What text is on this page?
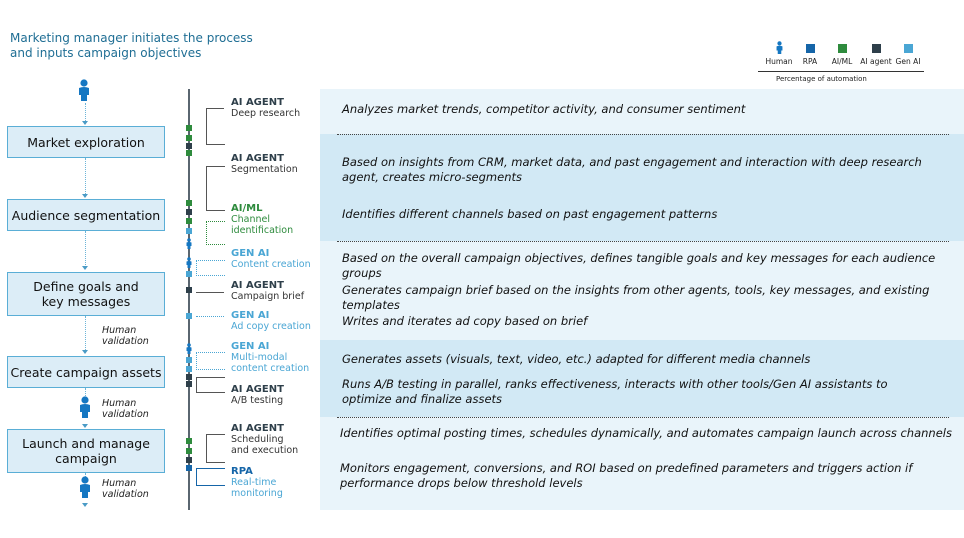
Marketing manager initiates the process
and inputs campaign objectives
Human	RPA	AI/ML	AI agent Gen AI
Percentage of automation
Market exploration
Audience segmentation
Define goals and
key messages
Human
validation
Create campaign assets
Human
validation
Launch and manage
campaign
Human
validation
AI AGENT
Deep research
AI AGENT
Segmentation
AI/ML
Channel
identification
GEN AI
Content creation
AI AGENT
Campaign brief
GEN AI
Ad copy creation
GEN AI
Multi-modal
content creation
AI AGENT
A/B testing
AI AGENT
Scheduling
and execution
RPA
Real-time
monitoring
Analyzes market trends, competitor activity, and consumer sentiment
Based on insights from CRM, market data, and past engagement and interaction with deep research
agent, creates micro-segments
Identifies different channels based on past engagement patterns
Based on the overall campaign objectives, defines tangible goals and key messages for each audience groups
Generates campaign brief based on the insights from other agents, tools, key messages, and existing templates
Writes and iterates ad copy based on brief
Generates assets (visuals, text, video, etc.) adapted for different media channels
Runs A/B testing in parallel, ranks effectiveness, interacts with other tools/Gen AI assistants to
optimize and finalize assets
Identifies optimal posting times, schedules dynamically, and automates campaign launch across channels
Monitors engagement, conversions, and ROI based on predefined parameters and triggers action if
performance drops below threshold levels
